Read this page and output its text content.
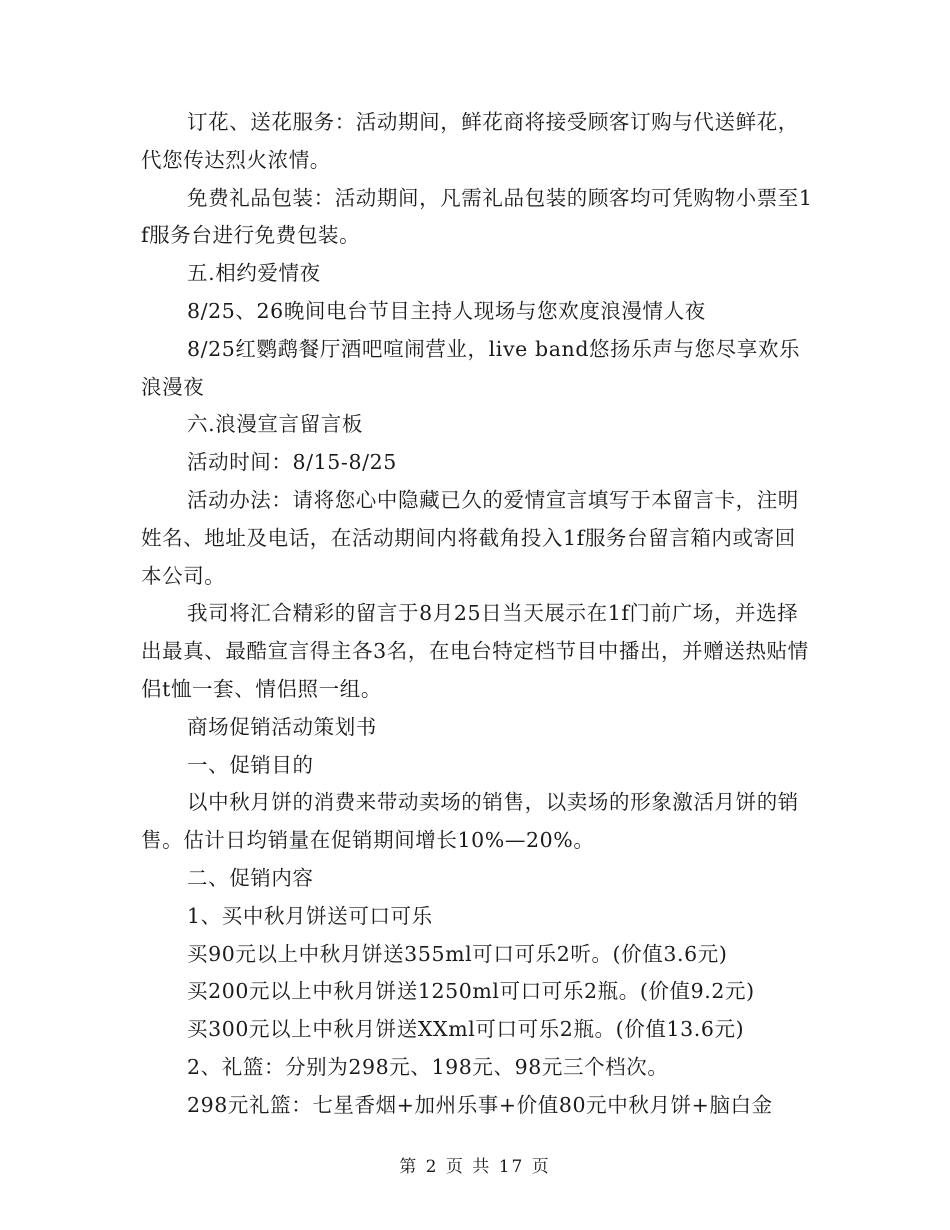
订花、送花服务：活动期间，鲜花商将接受顾客订购与代送鲜花，代您传达烈火浓情。

免费礼品包装：活动期间，凡需礼品包装的顾客均可凭购物小票至1f服务台进行免费包装。

五.相约爱情夜

8/25、26晚间电台节目主持人现场与您欢度浪漫情人夜

8/25红鹦鹉餐厅酒吧喧闹营业，live band悠扬乐声与您尽享欢乐浪漫夜

六.浪漫宣言留言板

活动时间：8/15-8/25

活动办法：请将您心中隐藏已久的爱情宣言填写于本留言卡，注明姓名、地址及电话，在活动期间内将截角投入1f服务台留言箱内或寄回本公司。

我司将汇合精彩的留言于8月25日当天展示在1f门前广场，并选择出最真、最酷宣言得主各3名，在电台特定档节目中播出，并赠送热贴情侣t恤一套、情侣照一组。

商场促销活动策划书

一、促销目的

以中秋月饼的消费来带动卖场的销售，以卖场的形象激活月饼的销售。估计日均销量在促销期间增长10%—20%。

二、促销内容

1、买中秋月饼送可口可乐

买90元以上中秋月饼送355ml可口可乐2听。(价值3.6元)

买200元以上中秋月饼送1250ml可口可乐2瓶。(价值9.2元)

买300元以上中秋月饼送XXml可口可乐2瓶。(价值13.6元)

2、礼篮：分别为298元、198元、98元三个档次。

298元礼篮：七星香烟+加州乐事+价值80元中秋月饼+脑白金

第 2 页 共 17 页
